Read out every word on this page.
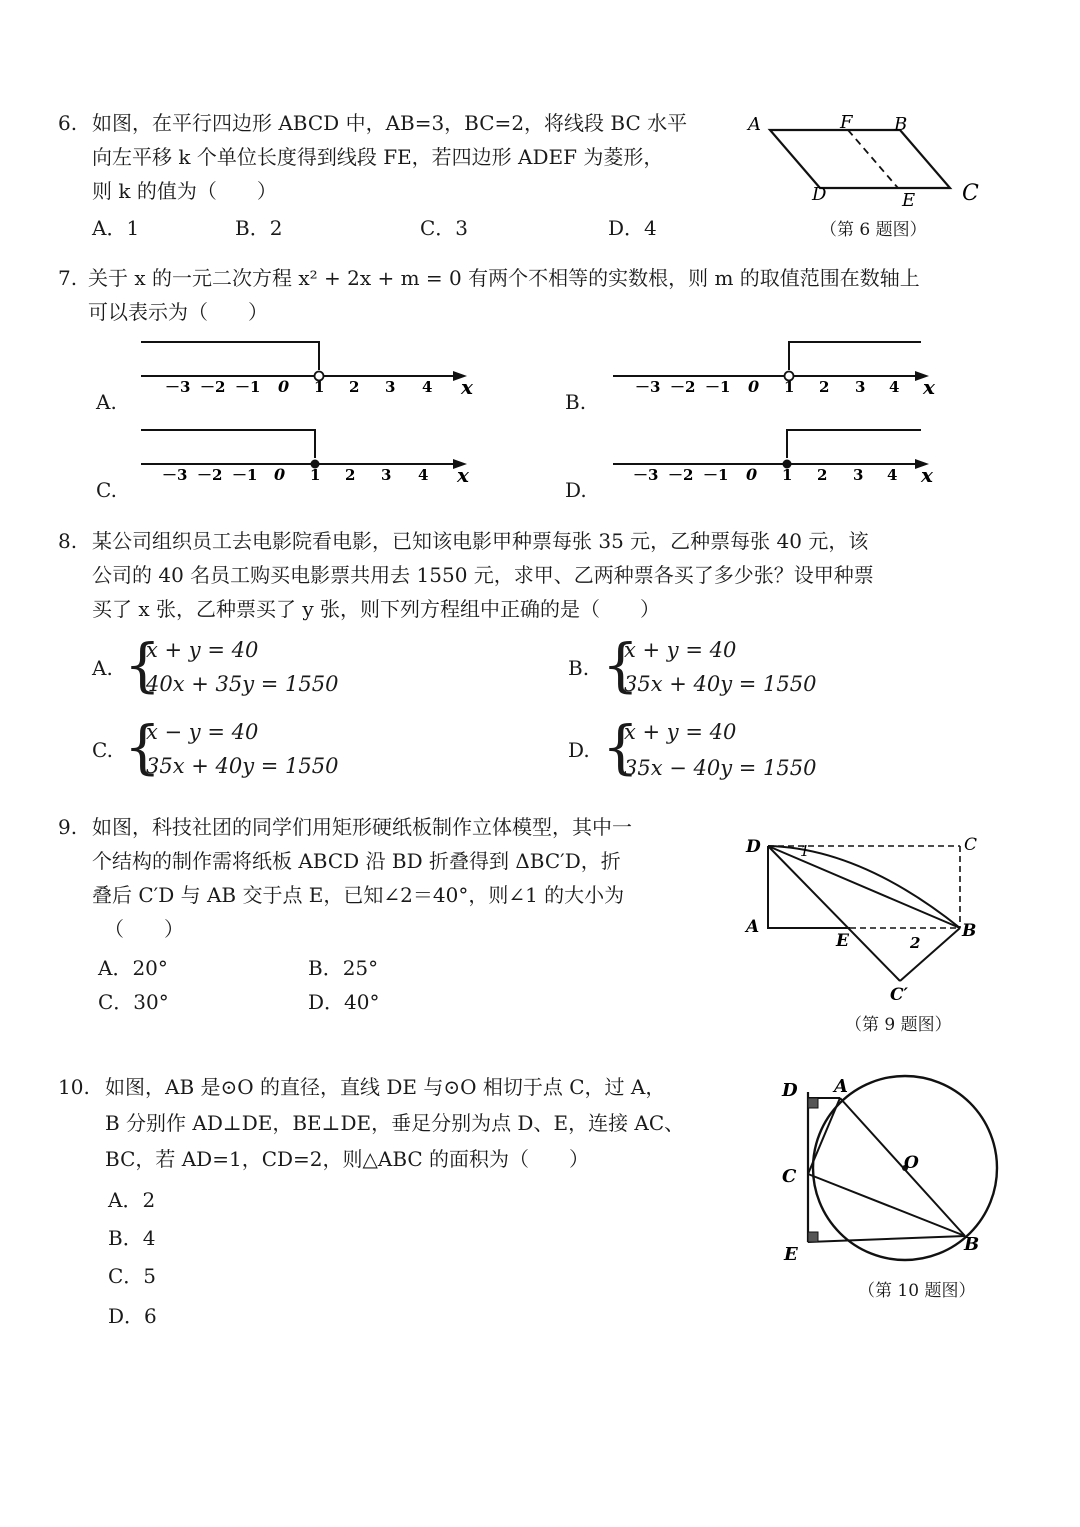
6. 如图，在平行四边形 ABCD 中，AB=3，BC=2，将线段 BC 水平
向左平移 k 个单位长度得到线段 FE，若四边形 ADEF 为菱形，
则 k 的值为（　　）
A．1	B．2	C．3	D．4
A	F B
D	E C
（第 6 题图）
7. 关于 x 的一元二次方程 x² + 2x + m = 0 有两个不相等的实数根，则 m 的取值范围在数轴上
可以表示为（　　）
A.
－3 －2 －1 0 1 2 3 4 x
B.
－3 －2 －1 0 1 2 3 4 x
C.
－3 －2 －1 0 1 2 3 4 x
D.
－3 －2 －1 0 1 2 3 4 x
8. 某公司组织员工去电影院看电影，已知该电影甲种票每张 35 元，乙种票每张 40 元，该
公司的 40 名员工购买电影票共用去 1550 元，求甲、乙两种票各买了多少张？设甲种票
买了 x 张，乙种票买了 y 张，则下列方程组中正确的是（　　）
A. {
x + y = 40
40x + 35y = 1550
B. {
x + y = 40
35x + 40y = 1550
C. {
x − y = 40
35x + 40y = 1550
D. {
x + y = 40
35x − 40y = 1550
9. 如图，科技社团的同学们用矩形硬纸板制作立体模型，其中一
个结构的制作需将纸板 ABCD 沿 BD 折叠得到 ΔBC′D，折
叠后 C′D 与 AB 交于点 E，已知∠2＝40°，则∠1 的大小为
（　　）
A．20°	B．25°
C．30°	D．40°
D	1	C
A
E	2
B
C′
（第 9 题图）
10. 如图，AB 是⊙O 的直径，直线 DE 与⊙O 相切于点 C，过 A，
B 分别作 AD⊥DE，BE⊥DE，垂足分别为点 D、E，连接 AC、
BC，若 AD=1，CD=2，则△ABC 的面积为（　　）
A．2
B．4
C．5
D．6
D A
O
C
E	B
（第 10 题图）
